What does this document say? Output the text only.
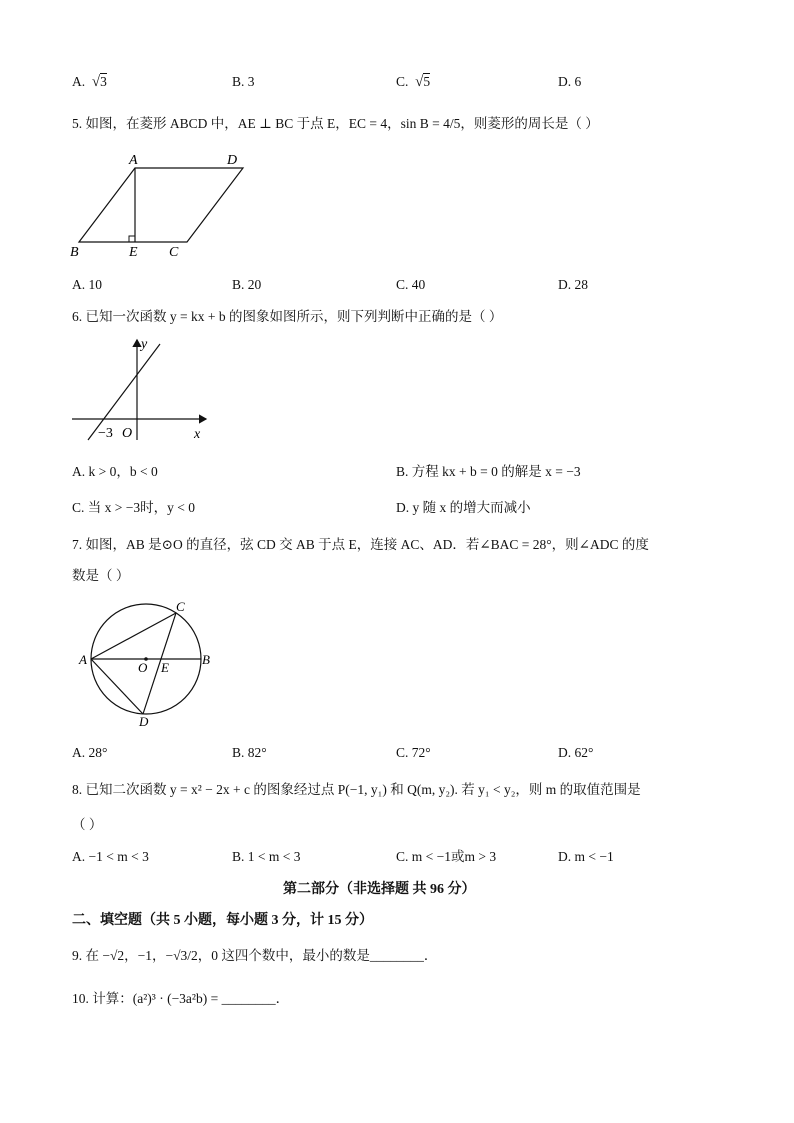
A.  √3	B. 3	C.  √5	D. 6
5. 如图，在菱形 ABCD 中，AE ⊥ BC 于点 E，EC = 4，sin B = 4/5，则菱形的周长是（ ）
A	D
B	E C
A. 10	B. 20	C. 40	D. 28
6. 已知一次函数 y = kx + b 的图象如图所示，则下列判断中正确的是（ ）
y
x
O
−3
A. k > 0，b < 0	B. 方程 kx + b = 0 的解是 x = −3
C. 当 x > −3时，y < 0	D. y 随 x 的增大而减小
7. 如图，AB 是⊙O 的直径，弦 CD 交 AB 于点 E，连接 AC、AD．若∠BAC = 28°，则∠ADC 的度
数是（ ）
A	B
C
D
O E
A. 28°	B. 82°	C. 72°	D. 62°
8. 已知二次函数 y = x² − 2x + c 的图象经过点 P(−1, y₁) 和 Q(m, y₂). 若 y₁ < y₂，则 m 的取值范围是
（ ）
A. −1 < m < 3	B. 1 < m < 3	C. m < −1或m > 3	D. m < −1
第二部分（非选择题 共 96 分）
二、填空题（共 5 小题，每小题 3 分，计 15 分）
9. 在 −√2，−1，−√3/2，0 这四个数中，最小的数是________．
10. 计算：(a²)³ · (−3a²b) = ________．
